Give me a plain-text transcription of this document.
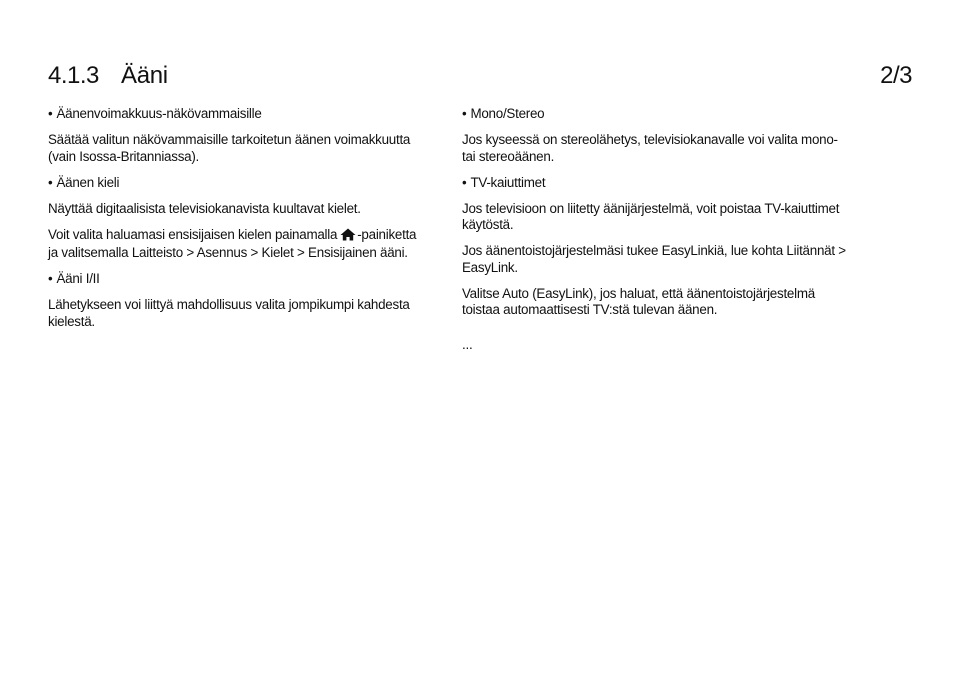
4.1.3 Ääni	2/3

• Äänenvoimakkuus-näkövammaisille

Säätää valitun näkövammaisille tarkoitetun äänen voimakkuutta (vain Isossa-Britanniassa).

• Äänen kieli

Näyttää digitaalisista televisiokanavista kuultavat kielet.

Voit valita haluamasi ensisijaisen kielen painamalla -painiketta ja valitsemalla Laitteisto > Asennus > Kielet > Ensisijainen ääni.

• Ääni I/II

Lähetykseen voi liittyä mahdollisuus valita jompikumpi kahdesta kielestä.

• Mono/Stereo

Jos kyseessä on stereolähetys, televisiokanavalle voi valita mono- tai stereoäänen.

• TV-kaiuttimet

Jos televisioon on liitetty äänijärjestelmä, voit poistaa TV-kaiuttimet käytöstä.

Jos äänentoistojärjestelmäsi tukee EasyLinkiä, lue kohta Liitännät > EasyLink.

Valitse Auto (EasyLink), jos haluat, että äänentoistojärjestelmä toistaa automaattisesti TV:stä tulevan äänen.

...
